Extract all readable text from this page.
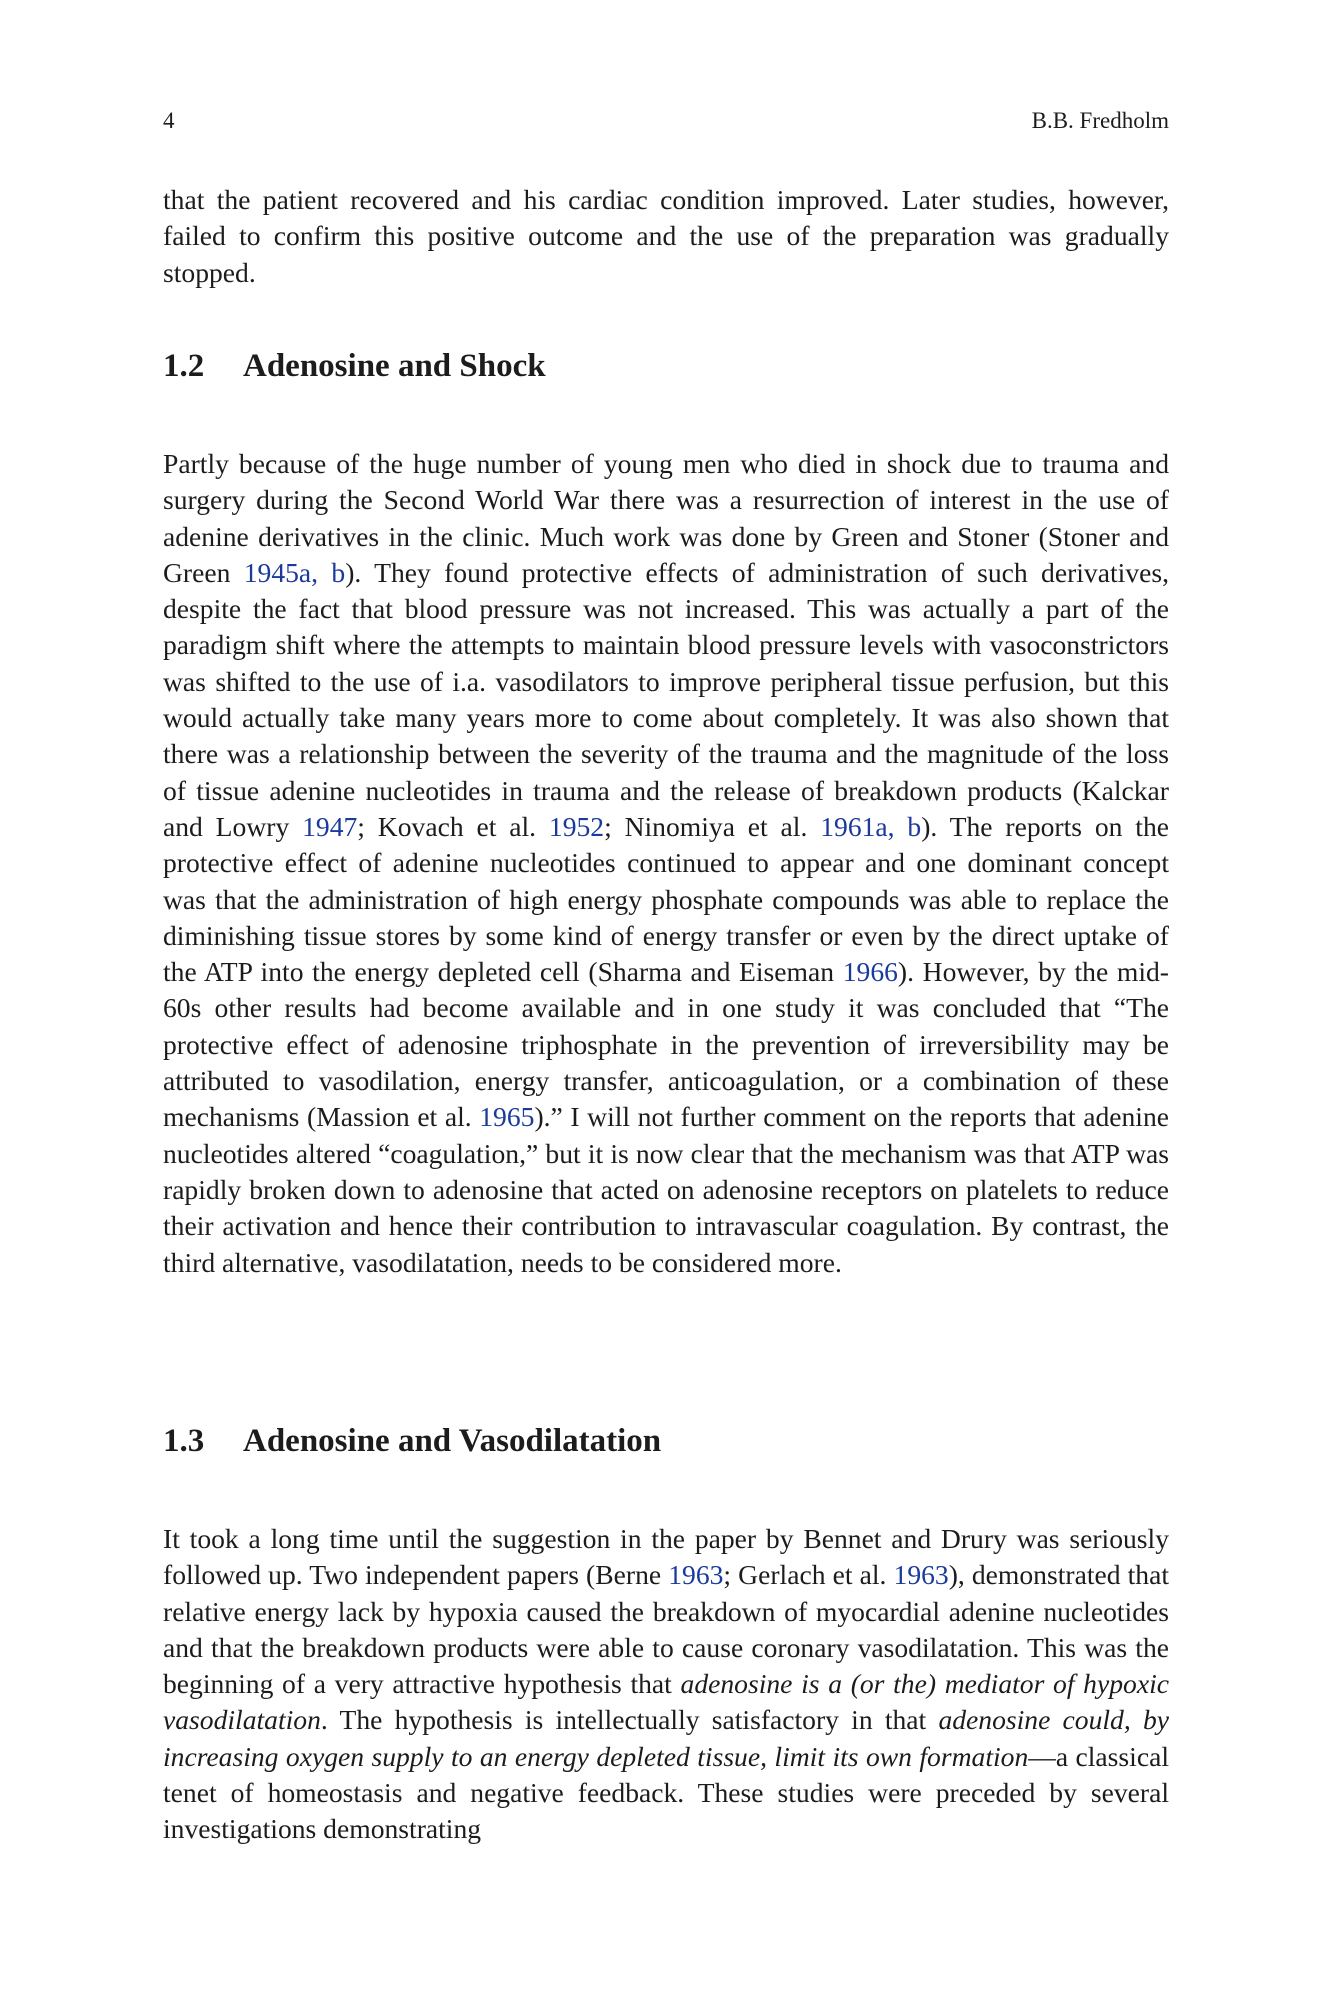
4	B.B. Fredholm

that the patient recovered and his cardiac condition improved. Later studies, however, failed to confirm this positive outcome and the use of the preparation was gradually stopped.

1.2 Adenosine and Shock

Partly because of the huge number of young men who died in shock due to trauma and surgery during the Second World War there was a resurrection of interest in the use of adenine derivatives in the clinic. Much work was done by Green and Stoner (Stoner and Green 1945a, b). They found protective effects of administration of such derivatives, despite the fact that blood pressure was not increased. This was actually a part of the paradigm shift where the attempts to maintain blood pressure levels with vasoconstrictors was shifted to the use of i.a. vasodilators to improve peripheral tissue perfusion, but this would actually take many years more to come about completely. It was also shown that there was a relationship between the severity of the trauma and the magnitude of the loss of tissue adenine nucleotides in trauma and the release of breakdown products (Kalckar and Lowry 1947; Kovach et al. 1952; Ninomiya et al. 1961a, b). The reports on the protective effect of adenine nucleotides continued to appear and one dominant concept was that the administration of high energy phosphate compounds was able to replace the diminishing tissue stores by some kind of energy transfer or even by the direct uptake of the ATP into the energy depleted cell (Sharma and Eiseman 1966). However, by the mid-60s other results had become available and in one study it was concluded that “The protective effect of adenosine triphosphate in the prevention of irreversibility may be attributed to vasodilation, energy transfer, anticoagulation, or a combination of these mechanisms (Massion et al. 1965).” I will not further comment on the reports that adenine nucleotides altered “coagulation,” but it is now clear that the mechanism was that ATP was rapidly broken down to adenosine that acted on adenosine receptors on platelets to reduce their activation and hence their contribution to intravascular coagulation. By contrast, the third alternative, vasodilatation, needs to be considered more.

1.3 Adenosine and Vasodilatation

It took a long time until the suggestion in the paper by Bennet and Drury was seriously followed up. Two independent papers (Berne 1963; Gerlach et al. 1963), demonstrated that relative energy lack by hypoxia caused the breakdown of myocardial adenine nucleotides and that the breakdown products were able to cause coronary vasodilatation. This was the beginning of a very attractive hypothesis that adenosine is a (or the) mediator of hypoxic vasodilatation. The hypothesis is intellectually satisfactory in that adenosine could, by increasing oxygen supply to an energy depleted tissue, limit its own formation—a classical tenet of homeostasis and negative feedback. These studies were preceded by several investigations demonstrating
